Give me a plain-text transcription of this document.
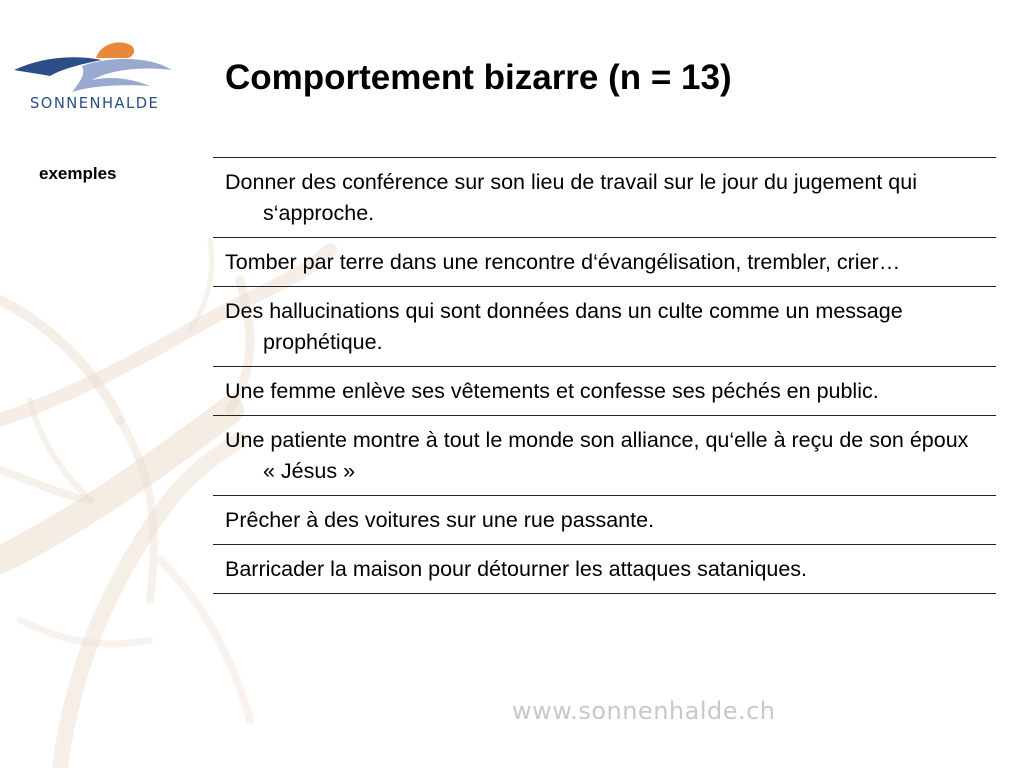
SONNENHALDE
Comportement bizarre (n = 13)
exemples	Donner des conférence sur son lieu de travail sur le jour du jugement qui s‘approche.

Tomber par terre dans une rencontre d‘évangélisation, trembler, crier…

Des hallucinations qui sont données dans un culte comme un message prophétique.

Une femme enlève ses vêtements et confesse ses péchés en public.

Une patiente montre à tout le monde son alliance, qu‘elle à reçu de son époux « Jésus »

Prêcher à des voitures sur une rue passante.

Barricader la maison pour détourner les attaques sataniques.
www.sonnenhalde.ch
